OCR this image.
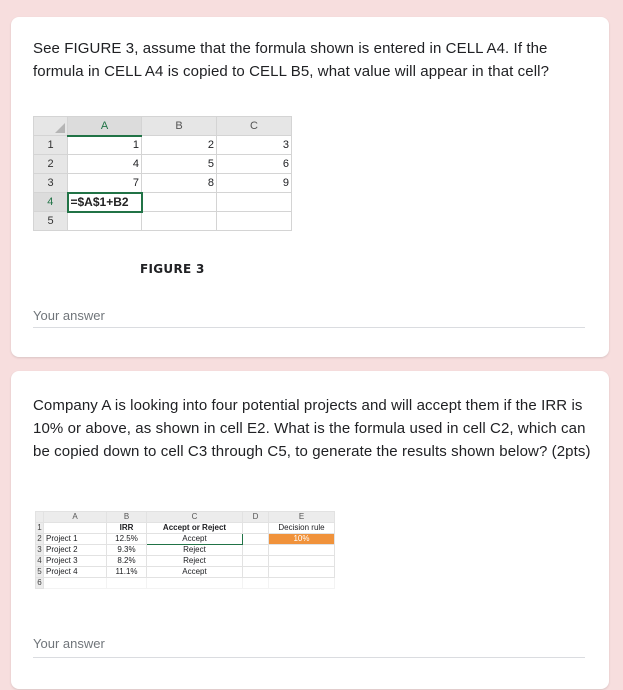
See FIGURE 3, assume that the formula shown is entered in CELL A4. If the formula in CELL A4 is copied to CELL B5, what value will appear in that cell?
	A	B	C
1	1	2	3
2	4	5	6
3	7	8	9
4	=$A$1+B2		
5			
FIGURE 3
Your answer
Company A is looking into four potential projects and will accept them if the IRR is 10% or above, as shown in cell E2. What is the formula used in cell C2, which can be copied down to cell C3 through C5, to generate the results shown below? (2pts)
	A	B	C	D	E
1		IRR	Accept or Reject		Decision rule
2	Project 1	12.5%	Accept		10%
3	Project 2	9.3%	Reject		
4	Project 3	8.2%	Reject		
5	Project 4	11.1%	Accept		
6					
Your answer
